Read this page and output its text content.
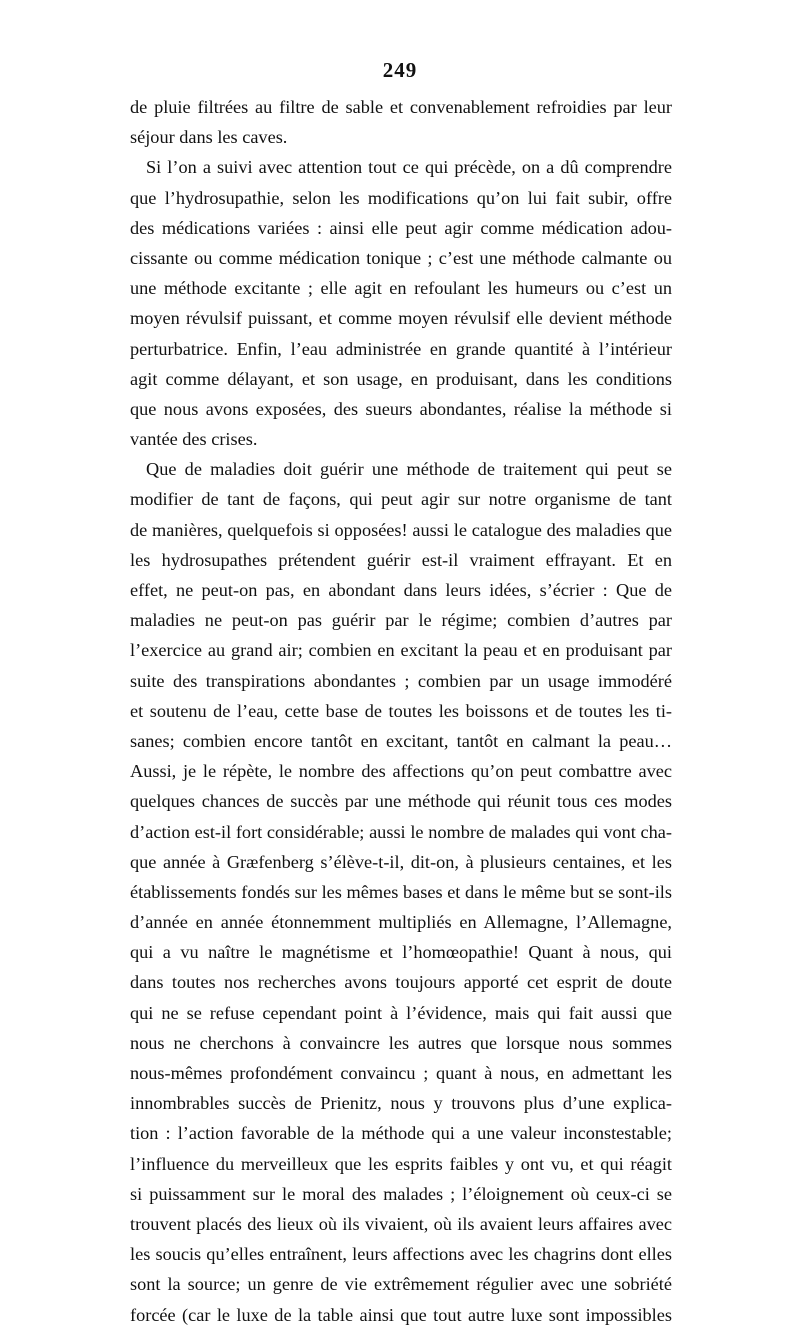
249
de pluie filtrées au filtre de sable et convenablement refroidies par leur
séjour dans les caves.
Si l’on a suivi avec attention tout ce qui précède, on a dû comprendre
que l’hydrosupathie, selon les modifications qu’on lui fait subir, offre
des médications variées : ainsi elle peut agir comme médication adou-
cissante ou comme médication tonique ; c’est une méthode calmante ou
une méthode excitante ; elle agit en refoulant les humeurs ou c’est un
moyen révulsif puissant, et comme moyen révulsif elle devient méthode
perturbatrice. Enfin, l’eau administrée en grande quantité à l’intérieur
agit comme délayant, et son usage, en produisant, dans les conditions
que nous avons exposées, des sueurs abondantes, réalise la méthode si
vantée des crises.
Que de maladies doit guérir une méthode de traitement qui peut se
modifier de tant de façons, qui peut agir sur notre organisme de tant
de manières, quelquefois si opposées! aussi le catalogue des maladies que
les hydrosupathes prétendent guérir est-il vraiment effrayant. Et en
effet, ne peut-on pas, en abondant dans leurs idées, s’écrier : Que de
maladies ne peut-on pas guérir par le régime; combien d’autres par
l’exercice au grand air; combien en excitant la peau et en produisant par
suite des transpirations abondantes ; combien par un usage immodéré
et soutenu de l’eau, cette base de toutes les boissons et de toutes les ti-
sanes; combien encore tantôt en excitant, tantôt en calmant la peau…
Aussi, je le répète, le nombre des affections qu’on peut combattre avec
quelques chances de succès par une méthode qui réunit tous ces modes
d’action est-il fort considérable; aussi le nombre de malades qui vont cha-
que année à Græfenberg s’élève-t-il, dit-on, à plusieurs centaines, et les
établissements fondés sur les mêmes bases et dans le même but se sont-ils
d’année en année étonnemment multipliés en Allemagne, l’Allemagne,
qui a vu naître le magnétisme et l’homœopathie! Quant à nous, qui
dans toutes nos recherches avons toujours apporté cet esprit de doute
qui ne se refuse cependant point à l’évidence, mais qui fait aussi que
nous ne cherchons à convaincre les autres que lorsque nous sommes
nous-mêmes profondément convaincu ; quant à nous, en admettant les
innombrables succès de Prienitz, nous y trouvons plus d’une explica-
tion : l’action favorable de la méthode qui a une valeur inconstestable;
l’influence du merveilleux que les esprits faibles y ont vu, et qui réagit
si puissamment sur le moral des malades ; l’éloignement où ceux-ci se
trouvent placés des lieux où ils vivaient, où ils avaient leurs affaires avec
les soucis qu’elles entraînent, leurs affections avec les chagrins dont elles
sont la source; un genre de vie extrêmement régulier avec une sobriété
forcée (car le luxe de la table ainsi que tout autre luxe sont impossibles
